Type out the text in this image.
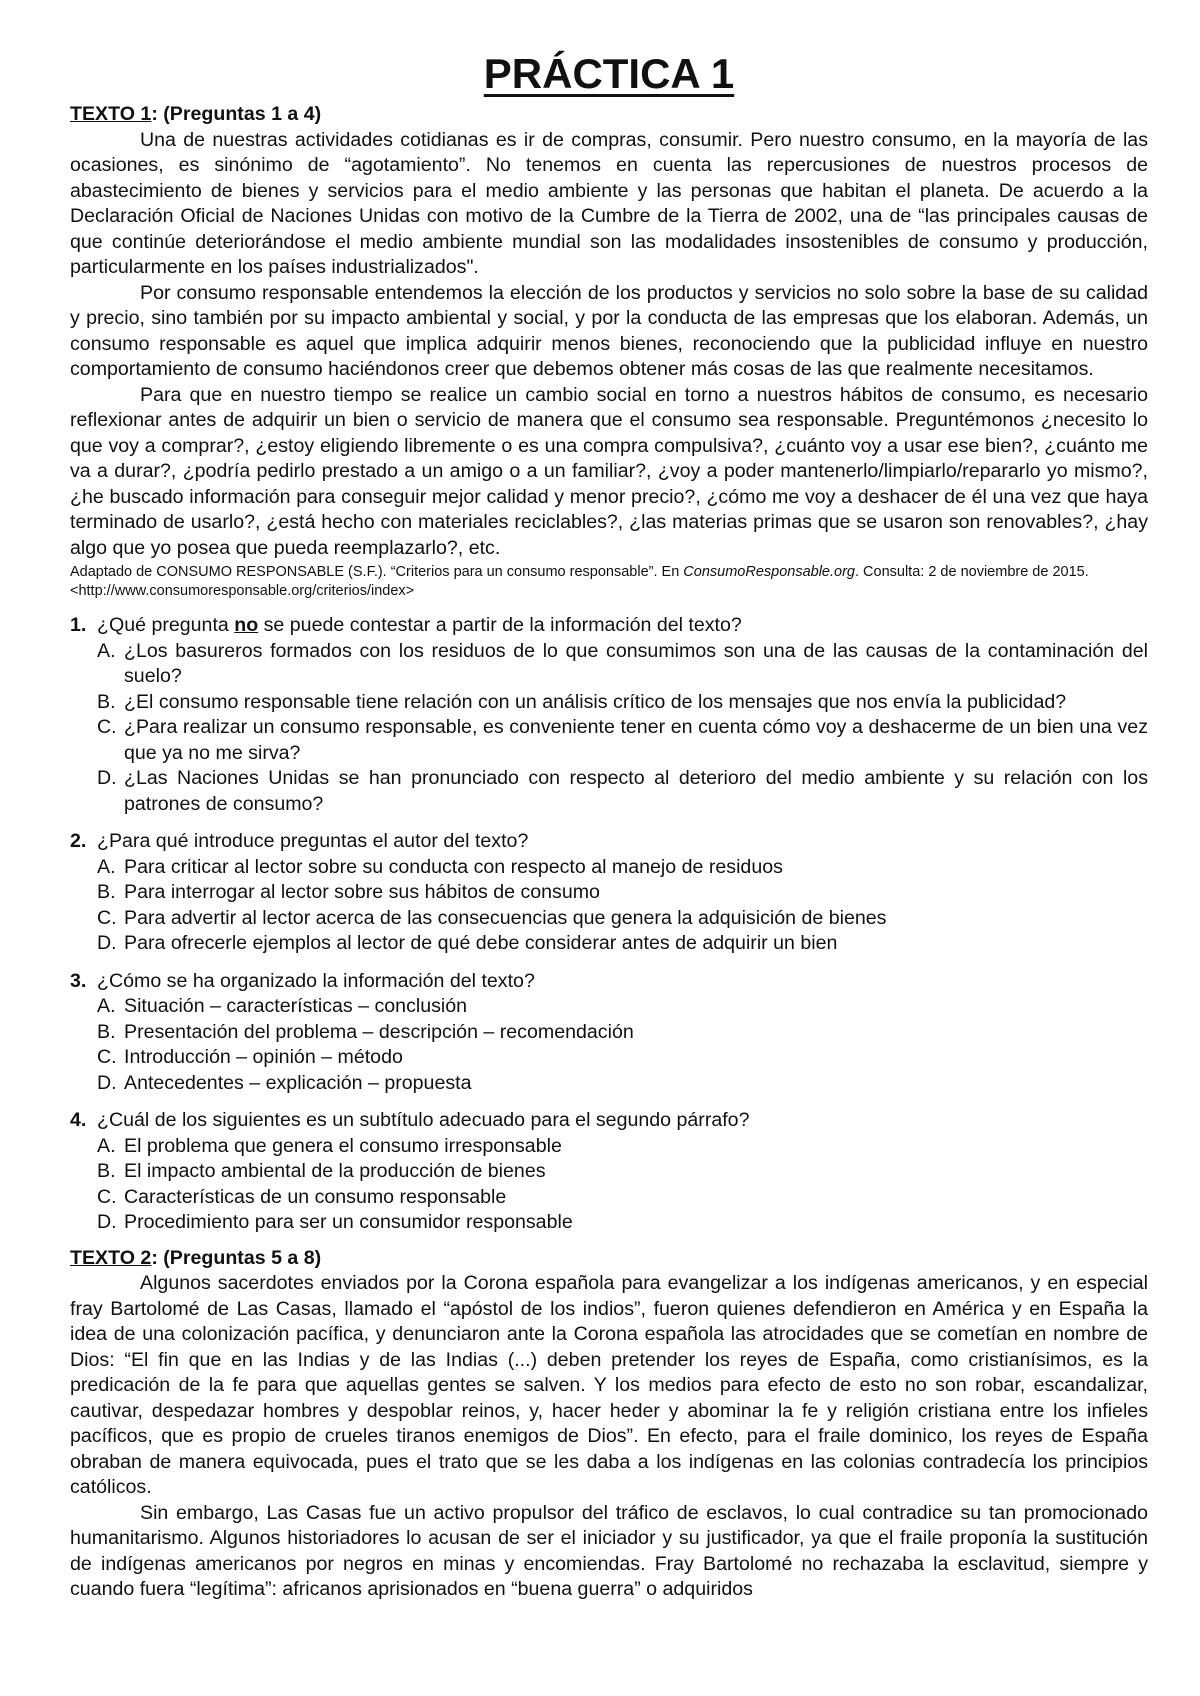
PRÁCTICA 1
TEXTO 1: (Preguntas 1 a 4)

Una de nuestras actividades cotidianas es ir de compras, consumir. Pero nuestro consumo, en la mayoría de las ocasiones, es sinónimo de “agotamiento”. No tenemos en cuenta las repercusiones de nuestros procesos de abastecimiento de bienes y servicios para el medio ambiente y las personas que habitan el planeta. De acuerdo a la Declaración Oficial de Naciones Unidas con motivo de la Cumbre de la Tierra de 2002, una de “las principales causas de que continúe deteriorándose el medio ambiente mundial son las modalidades insostenibles de consumo y producción, particularmente en los países industrializados".

Por consumo responsable entendemos la elección de los productos y servicios no solo sobre la base de su calidad y precio, sino también por su impacto ambiental y social, y por la conducta de las empresas que los elaboran. Además, un consumo responsable es aquel que implica adquirir menos bienes, reconociendo que la publicidad influye en nuestro comportamiento de consumo haciéndonos creer que debemos obtener más cosas de las que realmente necesitamos.

Para que en nuestro tiempo se realice un cambio social en torno a nuestros hábitos de consumo, es necesario reflexionar antes de adquirir un bien o servicio de manera que el consumo sea responsable. Preguntémonos ¿necesito lo que voy a comprar?, ¿estoy eligiendo libremente o es una compra compulsiva?, ¿cuánto voy a usar ese bien?, ¿cuánto me va a durar?, ¿podría pedirlo prestado a un amigo o a un familiar?, ¿voy a poder mantenerlo/limpiarlo/repararlo yo mismo?, ¿he buscado información para conseguir mejor calidad y menor precio?, ¿cómo me voy a deshacer de él una vez que haya terminado de usarlo?, ¿está hecho con materiales reciclables?, ¿las materias primas que se usaron son renovables?, ¿hay algo que yo posea que pueda reemplazarlo?, etc.

Adaptado de CONSUMO RESPONSABLE (S.F.). “Criterios para un consumo responsable”. En ConsumoResponsable.org. Consulta: 2 de noviembre de 2015. <http://www.consumoresponsable.org/criterios/index>
1. ¿Qué pregunta no se puede contestar a partir de la información del texto?
A. ¿Los basureros formados con los residuos de lo que consumimos son una de las causas de la contaminación del suelo?
B. ¿El consumo responsable tiene relación con un análisis crítico de los mensajes que nos envía la publicidad?
C. ¿Para realizar un consumo responsable, es conveniente tener en cuenta cómo voy a deshacerme de un bien una vez que ya no me sirva?
D. ¿Las Naciones Unidas se han pronunciado con respecto al deterioro del medio ambiente y su relación con los patrones de consumo?
2. ¿Para qué introduce preguntas el autor del texto?
A. Para criticar al lector sobre su conducta con respecto al manejo de residuos
B. Para interrogar al lector sobre sus hábitos de consumo
C. Para advertir al lector acerca de las consecuencias que genera la adquisición de bienes
D. Para ofrecerle ejemplos al lector de qué debe considerar antes de adquirir un bien
3. ¿Cómo se ha organizado la información del texto?
A. Situación – características – conclusión
B. Presentación del problema – descripción – recomendación
C. Introducción – opinión – método
D. Antecedentes – explicación – propuesta
4. ¿Cuál de los siguientes es un subtítulo adecuado para el segundo párrafo?
A. El problema que genera el consumo irresponsable
B. El impacto ambiental de la producción de bienes
C. Características de un consumo responsable
D. Procedimiento para ser un consumidor responsable
TEXTO 2: (Preguntas 5 a 8)

Algunos sacerdotes enviados por la Corona española para evangelizar a los indígenas americanos, y en especial fray Bartolomé de Las Casas, llamado el “apóstol de los indios”, fueron quienes defendieron en América y en España la idea de una colonización pacífica, y denunciaron ante la Corona española las atrocidades que se cometían en nombre de Dios: “El fin que en las Indias y de las Indias (...) deben pretender los reyes de España, como cristianísimos, es la predicación de la fe para que aquellas gentes se salven. Y los medios para efecto de esto no son robar, escandalizar, cautivar, despedazar hombres y despoblar reinos, y, hacer heder y abominar la fe y religión cristiana entre los infieles pacíficos, que es propio de crueles tiranos enemigos de Dios”. En efecto, para el fraile dominico, los reyes de España obraban de manera equivocada, pues el trato que se les daba a los indígenas en las colonias contradecía los principios católicos.

Sin embargo, Las Casas fue un activo propulsor del tráfico de esclavos, lo cual contradice su tan promocionado humanitarismo. Algunos historiadores lo acusan de ser el iniciador y su justificador, ya que el fraile proponía la sustitución de indígenas americanos por negros en minas y encomiendas. Fray Bartolomé no rechazaba la esclavitud, siempre y cuando fuera “legítima”: africanos aprisionados en “buena guerra” o adquiridos
